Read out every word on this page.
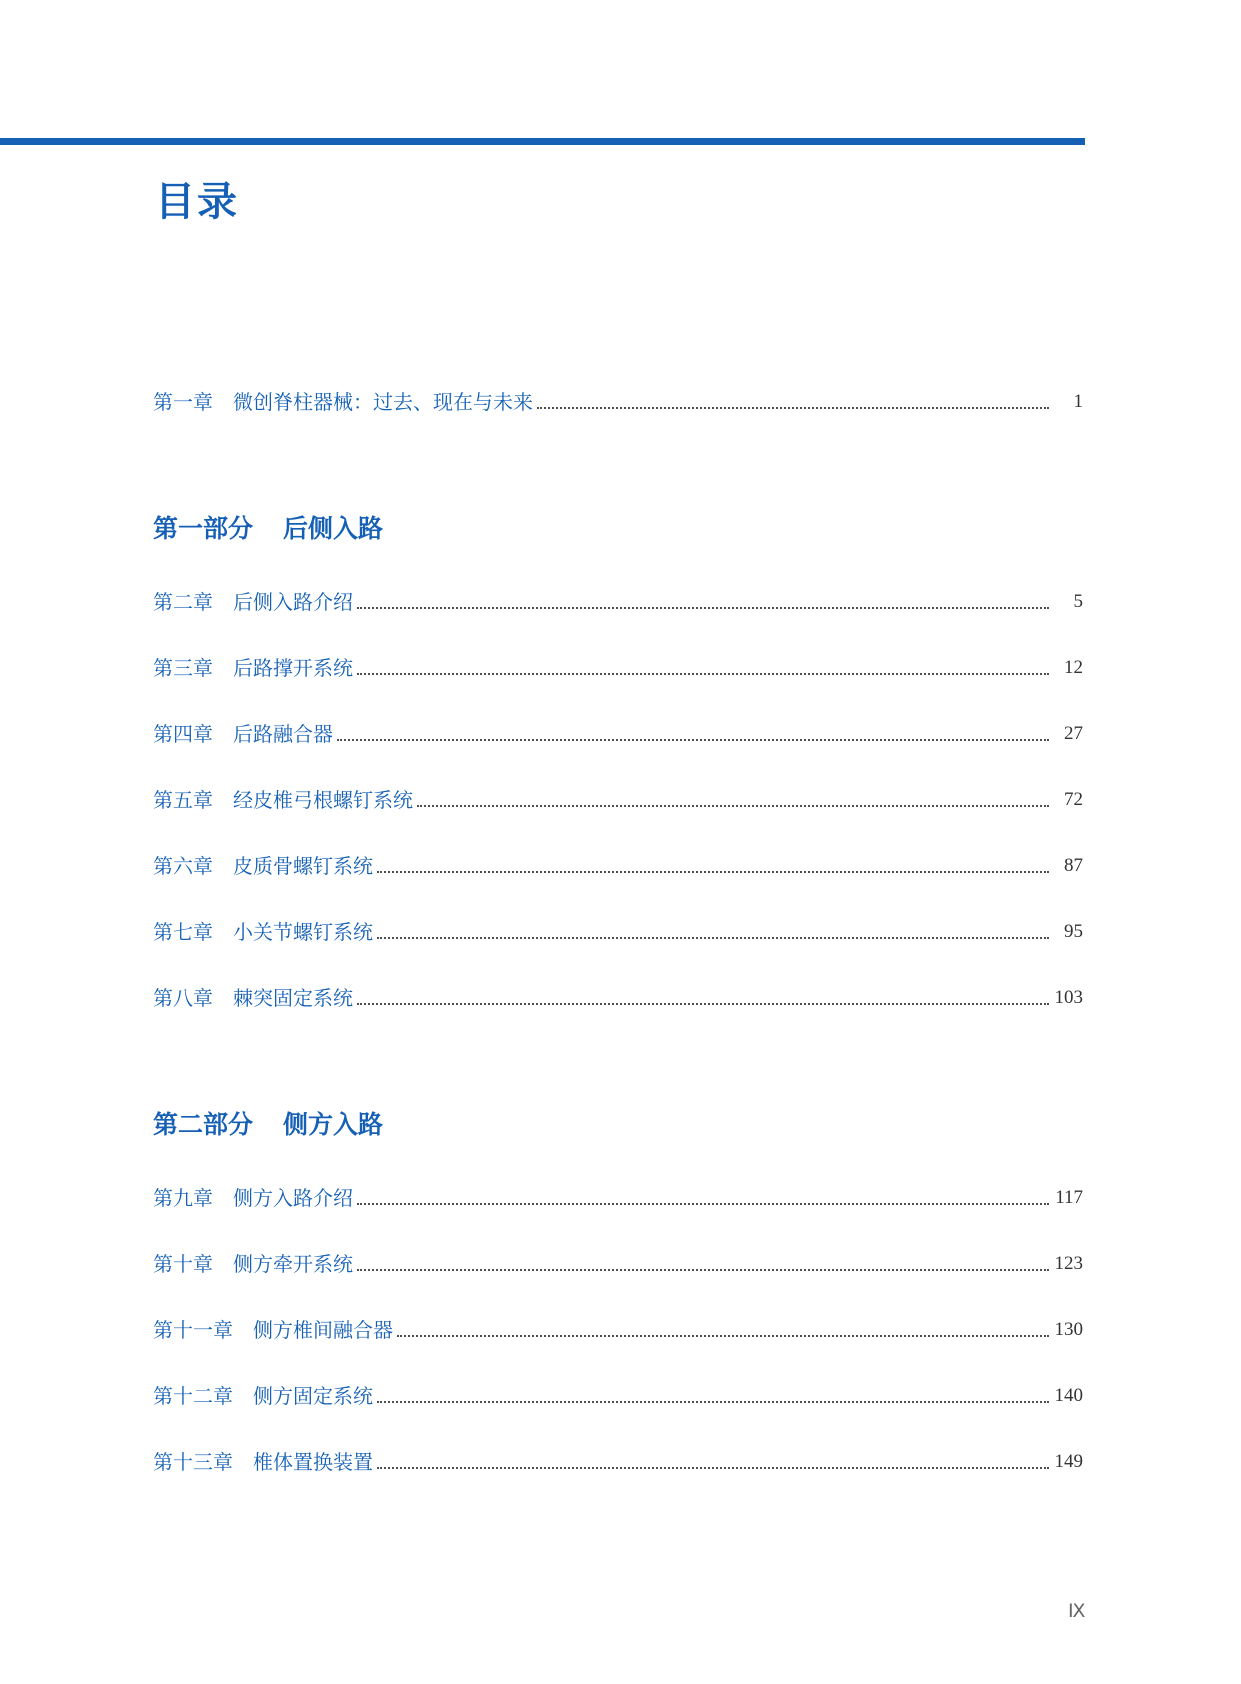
目录
第一章 微创脊柱器械：过去、现在与未来	1
第一部分 后侧入路
第二章 后侧入路介绍	5
第三章 后路撑开系统	12
第四章 后路融合器	27
第五章 经皮椎弓根螺钉系统	72
第六章 皮质骨螺钉系统	87
第七章 小关节螺钉系统	95
第八章 棘突固定系统	103
第二部分 侧方入路
第九章 侧方入路介绍	117
第十章 侧方牵开系统	123
第十一章 侧方椎间融合器	130
第十二章 侧方固定系统	140
第十三章 椎体置换装置	149
Ⅸ
